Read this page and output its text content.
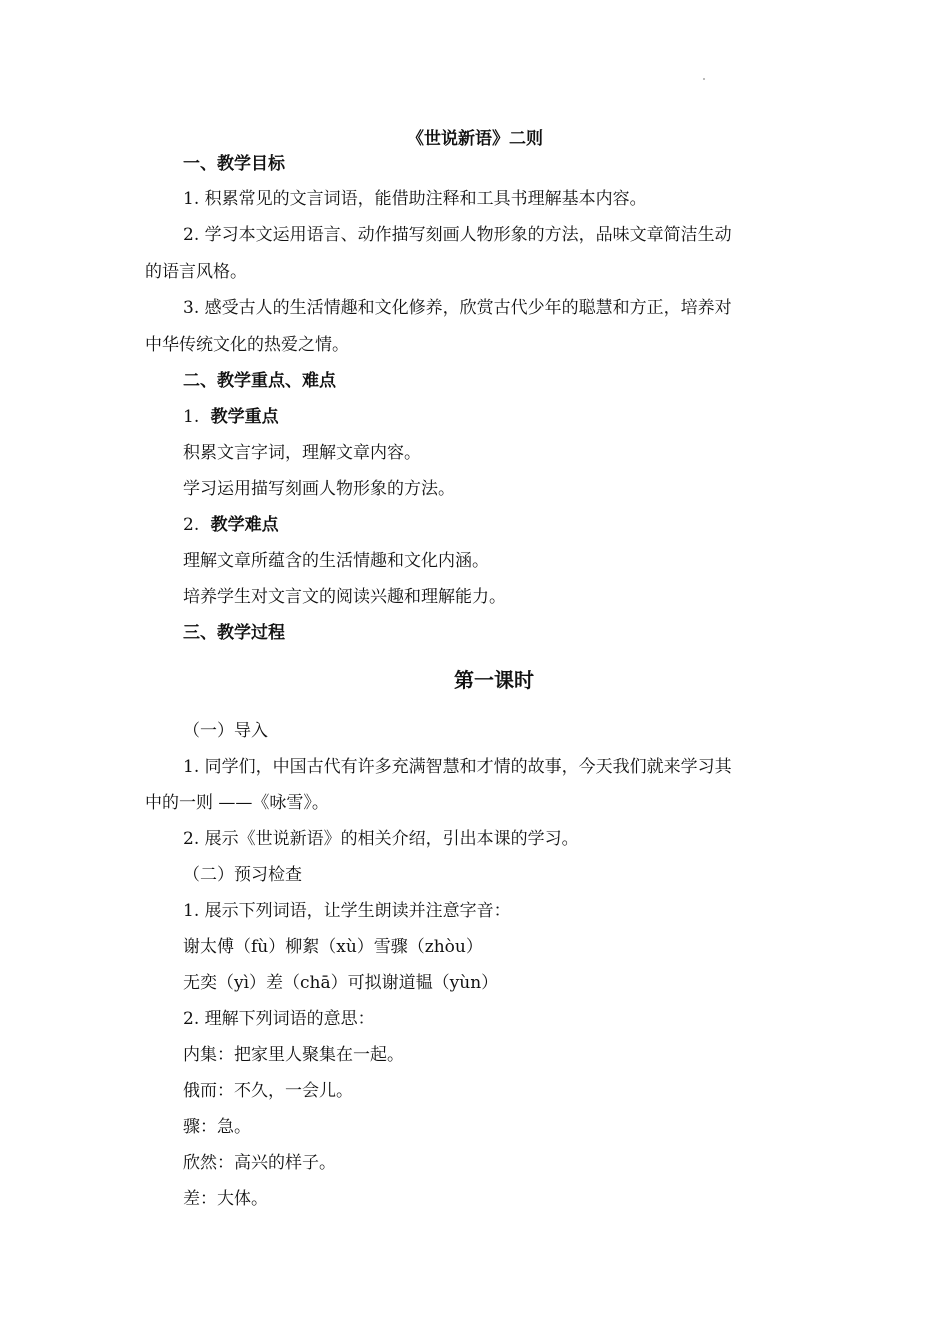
《世说新语》二则
一、教学目标
1. 积累常见的文言词语，能借助注释和工具书理解基本内容。
2. 学习本文运用语言、动作描写刻画人物形象的方法，品味文章简洁生动
的语言风格。
3. 感受古人的生活情趣和文化修养，欣赏古代少年的聪慧和方正，培养对
中华传统文化的热爱之情。
二、教学重点、难点
1. 教学重点
积累文言字词，理解文章内容。
学习运用描写刻画人物形象的方法。
2. 教学难点
理解文章所蕴含的生活情趣和文化内涵。
培养学生对文言文的阅读兴趣和理解能力。
三、教学过程
第一课时
（一）导入
1. 同学们，中国古代有许多充满智慧和才情的故事，今天我们就来学习其
中的一则 ——《咏雪》。
2. 展示《世说新语》的相关介绍，引出本课的学习。
（二）预习检查
1. 展示下列词语，让学生朗读并注意字音：
谢太傅（fù）柳絮（xù）雪骤（zhòu）
无奕（yì）差（chā）可拟谢道韫（yùn）
2. 理解下列词语的意思：
内集：把家里人聚集在一起。
俄而：不久，一会儿。
骤：急。
欣然：高兴的样子。
差：大体。
